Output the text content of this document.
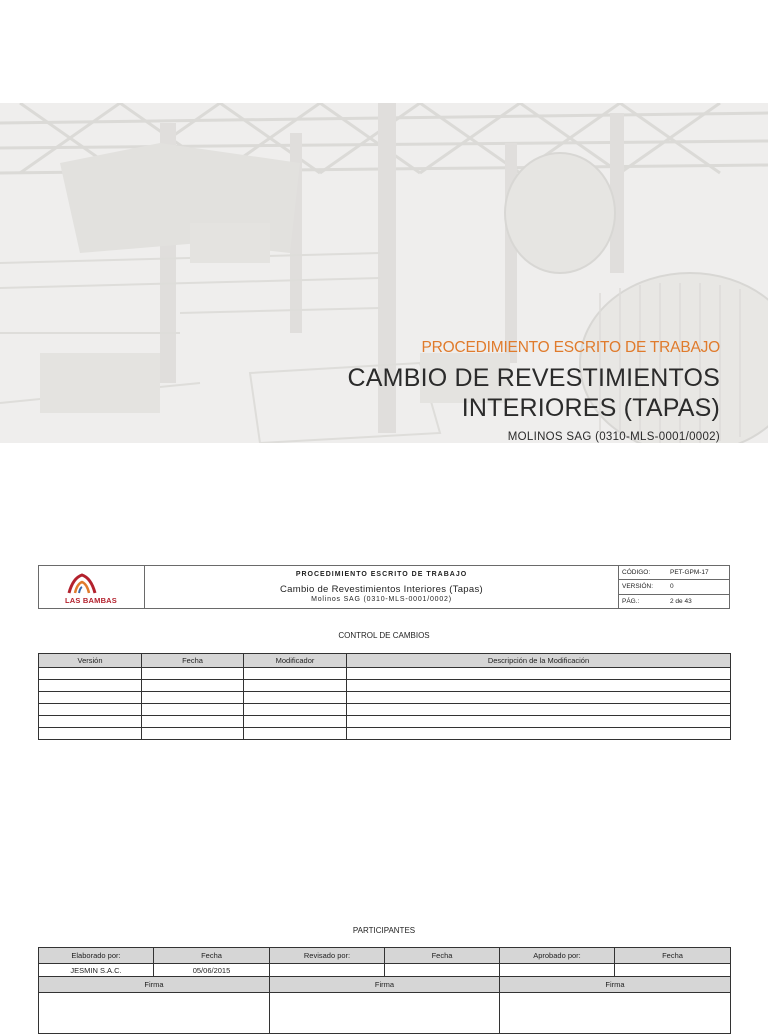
PROCEDIMIENTO ESCRITO DE TRABAJO
CAMBIO DE REVESTIMIENTOS
INTERIORES (TAPAS)
MOLINOS SAG (0310-MLS-0001/0002)
LAS BAMBAS
PROCEDIMIENTO ESCRITO DE TRABAJO
Cambio de Revestimientos Interiores (Tapas)
Molinos SAG (0310-MLS-0001/0002)
CÓDIGO:	PET-GPM-17
VERSIÓN:	0
PÁG.:	2 de 43
CONTROL DE CAMBIOS
Versión	Fecha	Modificador	Descripción de la Modificación

PARTICIPANTES
Elaborado por:	Fecha	Revisado por:	Fecha	Aprobado por:	Fecha
JESMIN S.A.C.	05/06/2015				
Firma		Firma		Firma	
